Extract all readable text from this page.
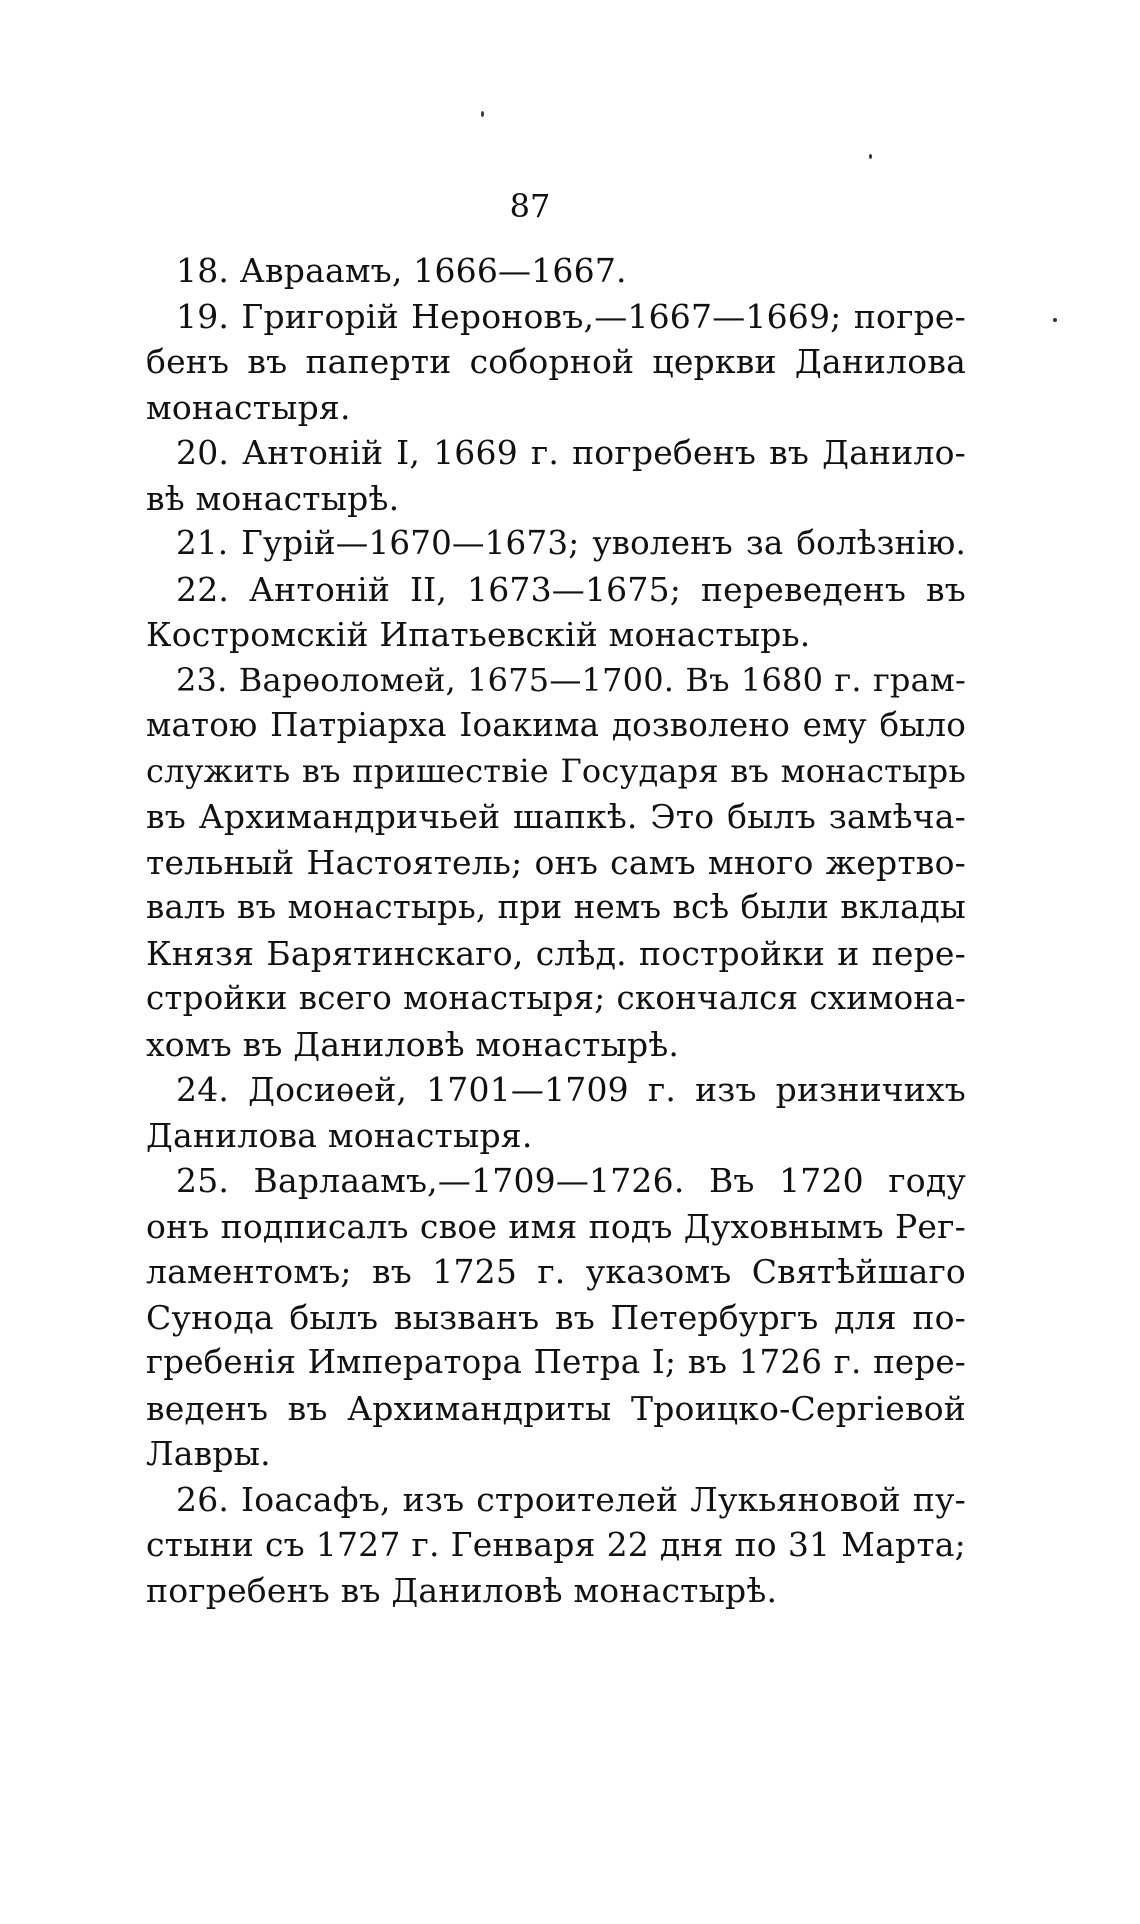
87
18. Авраамъ, 1666—1667.
19. Григорій Нероновъ,—1667—1669; погре-
бенъ въ паперти соборной церкви Данилова
монастыря.
20. Антоній I, 1669 г. погребенъ въ Данило-
вѣ монастырѣ.
21. Гурій—1670—1673; уволенъ за болѣзнію.
22. Антоній II, 1673—1675; переведенъ въ
Костромскій Ипатьевскій монастырь.
23. Варѳоломей, 1675—1700. Въ 1680 г. грам-
матою Патріарха Іоакима дозволено ему было
служить въ пришествіе Государя въ монастырь
въ Архимандричьей шапкѣ. Это былъ замѣча-
тельный Настоятель; онъ самъ много жертво-
валъ въ монастырь, при немъ всѣ были вклады
Князя Барятинскаго, слѣд. постройки и пере-
стройки всего монастыря; скончался схимона-
хомъ въ Даниловѣ монастырѣ.
24. Досиѳей, 1701—1709 г. изъ ризничихъ
Данилова монастыря.
25. Варлаамъ,—1709—1726. Въ 1720 году
онъ подписалъ свое имя подъ Духовнымъ Рег-
ламентомъ; въ 1725 г. указомъ Святѣйшаго
Сунода былъ вызванъ въ Петербургъ для по-
гребенія Императора Петра I; въ 1726 г. пере-
веденъ въ Архимандриты Троицко-Сергіевой
Лавры.
26. Іоасафъ, изъ строителей Лукьяновой пу-
стыни съ 1727 г. Генваря 22 дня по 31 Марта;
погребенъ въ Даниловѣ монастырѣ.
